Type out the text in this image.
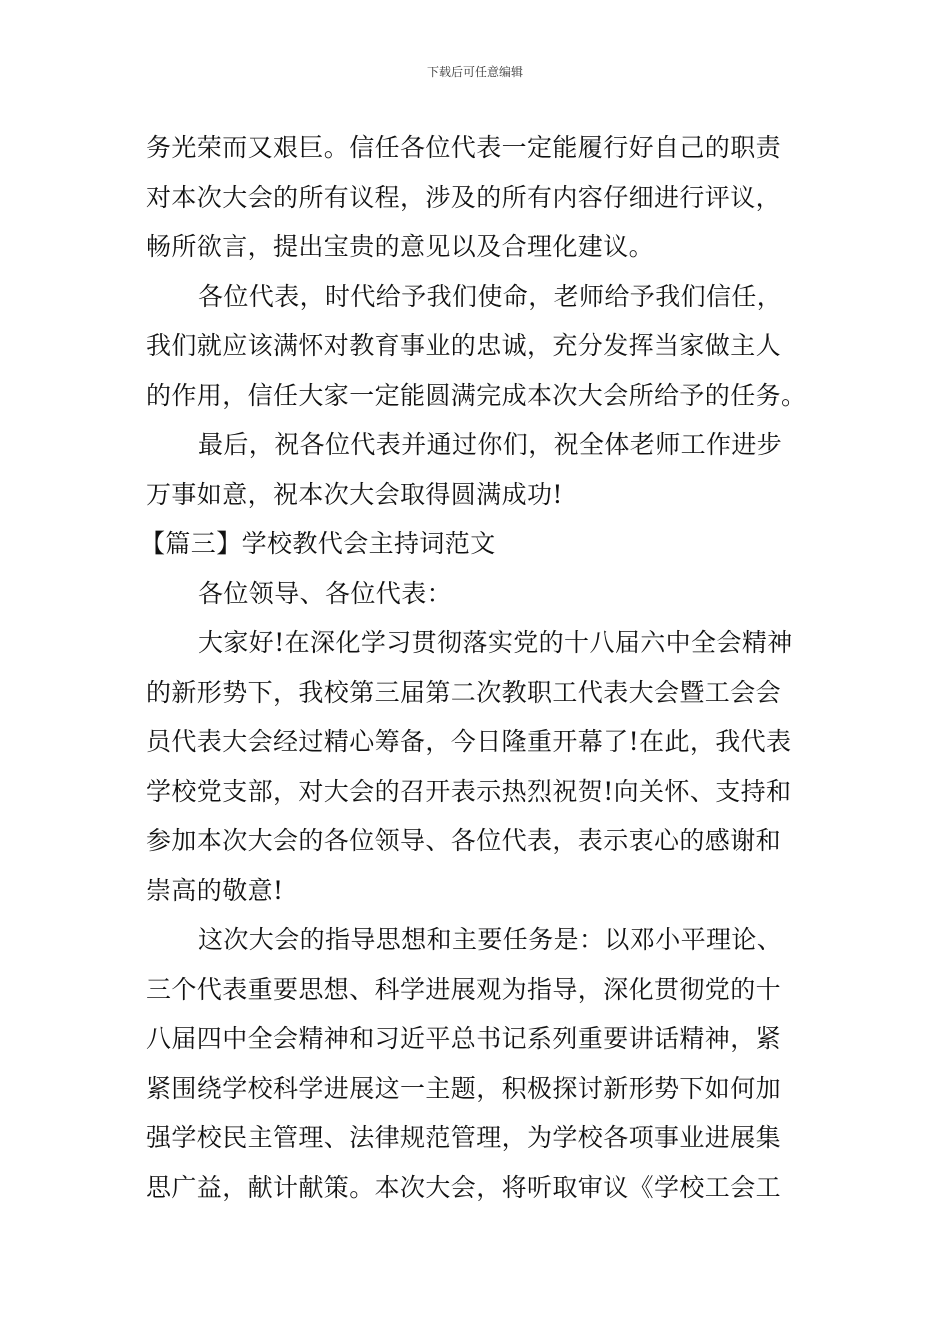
下载后可任意编辑
务光荣而又艰巨。信任各位代表一定能履行好自己的职责
对本次大会的所有议程，涉及的所有内容仔细进行评议，
畅所欲言，提出宝贵的意见以及合理化建议。
各位代表，时代给予我们使命，老师给予我们信任，
我们就应该满怀对教育事业的忠诚，充分发挥当家做主人
的作用，信任大家一定能圆满完成本次大会所给予的任务。
最后，祝各位代表并通过你们，祝全体老师工作进步
万事如意，祝本次大会取得圆满成功!
【篇三】学校教代会主持词范文
各位领导、各位代表：
大家好!在深化学习贯彻落实党的十八届六中全会精神
的新形势下，我校第三届第二次教职工代表大会暨工会会
员代表大会经过精心筹备，今日隆重开幕了!在此，我代表
学校党支部，对大会的召开表示热烈祝贺!向关怀、支持和
参加本次大会的各位领导、各位代表，表示衷心的感谢和
崇高的敬意!
这次大会的指导思想和主要任务是：以邓小平理论、
三个代表重要思想、科学进展观为指导，深化贯彻党的十
八届四中全会精神和习近平总书记系列重要讲话精神，紧
紧围绕学校科学进展这一主题，积极探讨新形势下如何加
强学校民主管理、法律规范管理，为学校各项事业进展集
思广益，献计献策。本次大会，将听取审议《学校工会工
